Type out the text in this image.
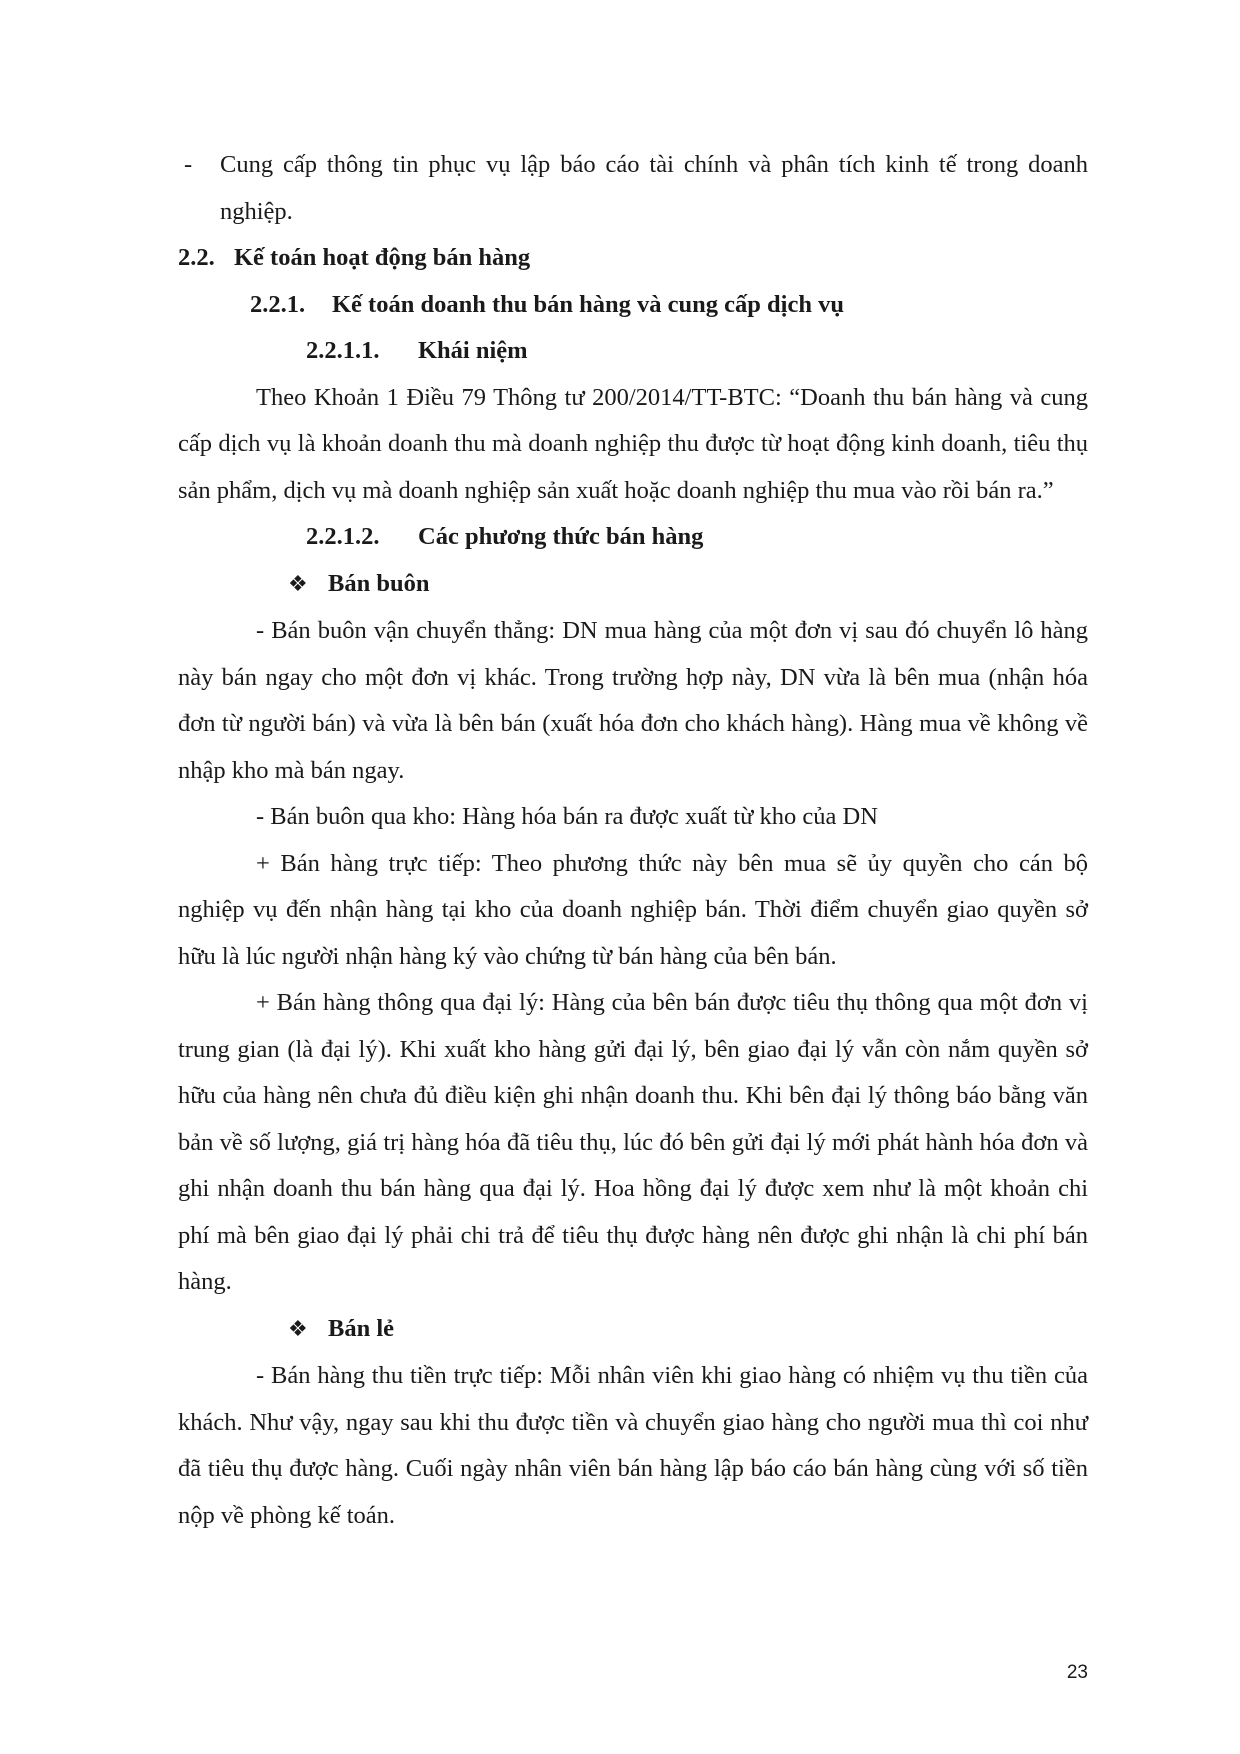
- Cung cấp thông tin phục vụ lập báo cáo tài chính và phân tích kinh tế trong doanh nghiệp.

2.2. Kế toán hoạt động bán hàng

2.2.1. Kế toán doanh thu bán hàng và cung cấp dịch vụ

2.2.1.1. Khái niệm

Theo Khoản 1 Điều 79 Thông tư 200/2014/TT-BTC: “Doanh thu bán hàng và cung cấp dịch vụ là khoản doanh thu mà doanh nghiệp thu được từ hoạt động kinh doanh, tiêu thụ sản phẩm, dịch vụ mà doanh nghiệp sản xuất hoặc doanh nghiệp thu mua vào rồi bán ra.”

2.2.1.2. Các phương thức bán hàng

❖ Bán buôn

- Bán buôn vận chuyển thẳng: DN mua hàng của một đơn vị sau đó chuyển lô hàng này bán ngay cho một đơn vị khác. Trong trường hợp này, DN vừa là bên mua (nhận hóa đơn từ người bán) và vừa là bên bán (xuất hóa đơn cho khách hàng). Hàng mua về không về nhập kho mà bán ngay.

- Bán buôn qua kho: Hàng hóa bán ra được xuất từ kho của DN

+ Bán hàng trực tiếp: Theo phương thức này bên mua sẽ ủy quyền cho cán bộ nghiệp vụ đến nhận hàng tại kho của doanh nghiệp bán. Thời điểm chuyển giao quyền sở hữu là lúc người nhận hàng ký vào chứng từ bán hàng của bên bán.

+ Bán hàng thông qua đại lý: Hàng của bên bán được tiêu thụ thông qua một đơn vị trung gian (là đại lý). Khi xuất kho hàng gửi đại lý, bên giao đại lý vẫn còn nắm quyền sở hữu của hàng nên chưa đủ điều kiện ghi nhận doanh thu. Khi bên đại lý thông báo bằng văn bản về số lượng, giá trị hàng hóa đã tiêu thụ, lúc đó bên gửi đại lý mới phát hành hóa đơn và ghi nhận doanh thu bán hàng qua đại lý. Hoa hồng đại lý được xem như là một khoản chi phí mà bên giao đại lý phải chi trả để tiêu thụ được hàng nên được ghi nhận là chi phí bán hàng.

❖ Bán lẻ

- Bán hàng thu tiền trực tiếp: Mỗi nhân viên khi giao hàng có nhiệm vụ thu tiền của khách. Như vậy, ngay sau khi thu được tiền và chuyển giao hàng cho người mua thì coi như đã tiêu thụ được hàng. Cuối ngày nhân viên bán hàng lập báo cáo bán hàng cùng với số tiền nộp về phòng kế toán.

23
